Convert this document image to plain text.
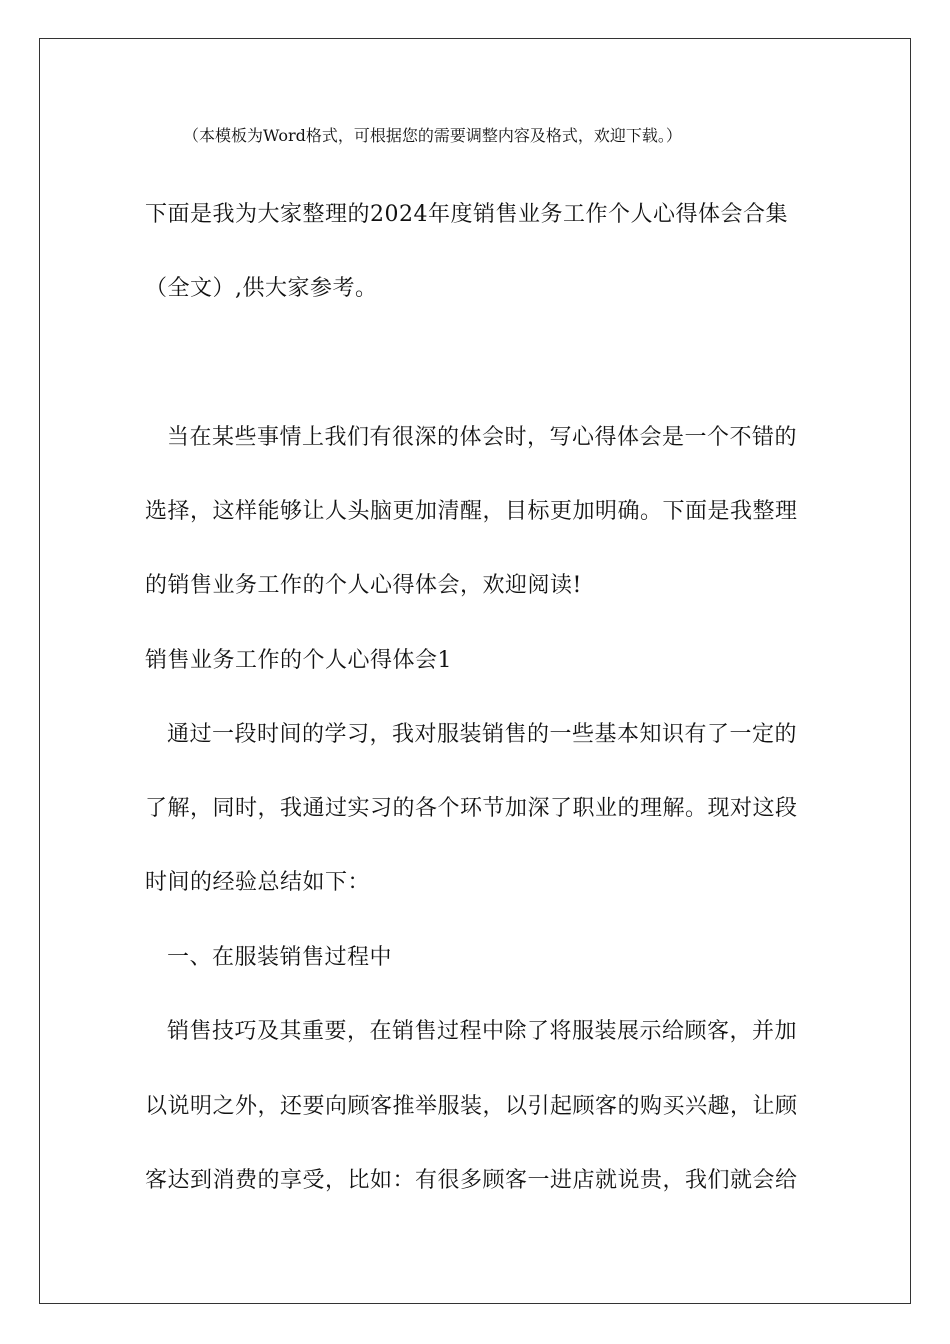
（本模板为Word格式，可根据您的需要调整内容及格式，欢迎下载。）
下面是我为大家整理的2024年度销售业务工作个人心得体会合集
（全文）,供大家参考。
当在某些事情上我们有很深的体会时，写心得体会是一个不错的
选择，这样能够让人头脑更加清醒，目标更加明确。下面是我整理
的销售业务工作的个人心得体会，欢迎阅读!
销售业务工作的个人心得体会1
通过一段时间的学习，我对服装销售的一些基本知识有了一定的
了解，同时，我通过实习的各个环节加深了职业的理解。现对这段
时间的经验总结如下：
一、在服装销售过程中
销售技巧及其重要，在销售过程中除了将服装展示给顾客，并加
以说明之外，还要向顾客推举服装，以引起顾客的购买兴趣，让顾
客达到消费的享受，比如：有很多顾客一进店就说贵，我们就会给
